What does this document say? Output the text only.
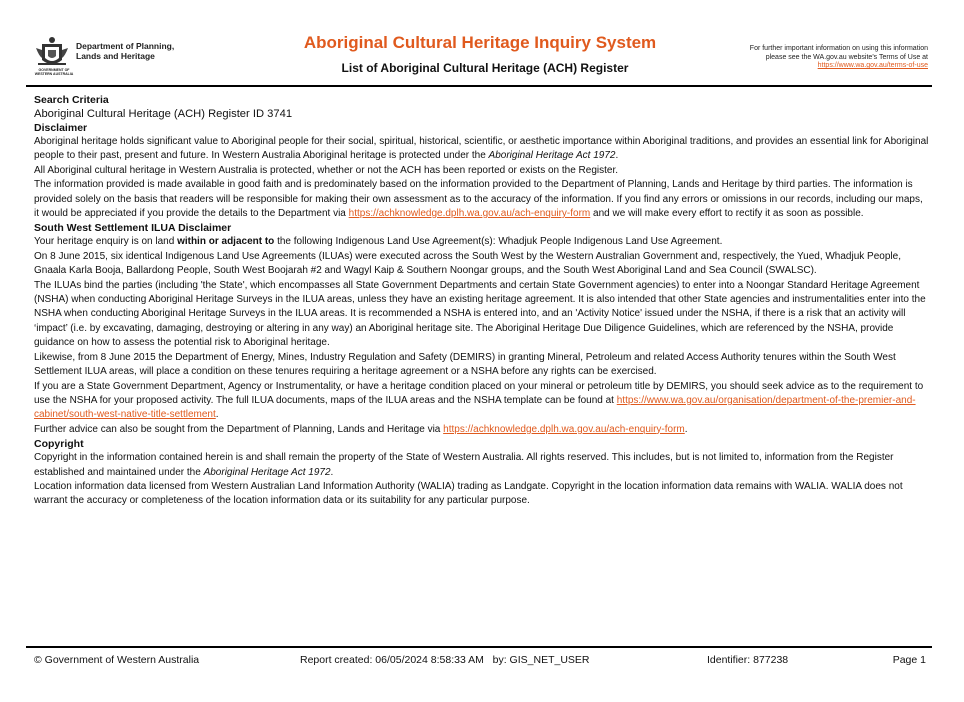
Department of Planning,
Lands and Heritage
GOVERNMENT OF WESTERN AUSTRALIA
Aboriginal Cultural Heritage Inquiry System
List of Aboriginal Cultural Heritage (ACH) Register
For further important information on using this information
please see the WA.gov.au website's Terms of Use at
https://www.wa.gov.au/terms-of-use
Search Criteria

Aboriginal Cultural Heritage (ACH) Register ID 3741

Disclaimer

Aboriginal heritage holds significant value to Aboriginal people for their social, spiritual, historical, scientific, or aesthetic importance within Aboriginal traditions, and provides an essential link for Aboriginal people to their past, present and future. In Western Australia Aboriginal heritage is protected under the Aboriginal Heritage Act 1972.

All Aboriginal cultural heritage in Western Australia is protected, whether or not the ACH has been reported or exists on the Register.

The information provided is made available in good faith and is predominately based on the information provided to the Department of Planning, Lands and Heritage by third parties. The information is provided solely on the basis that readers will be responsible for making their own assessment as to the accuracy of the information. If you find any errors or omissions in our records, including our maps, it would be appreciated if you provide the details to the Department via https://achknowledge.dplh.wa.gov.au/ach-enquiry-form and we will make every effort to rectify it as soon as possible.

South West Settlement ILUA Disclaimer

Your heritage enquiry is on land within or adjacent to the following Indigenous Land Use Agreement(s): Whadjuk People Indigenous Land Use Agreement.

On 8 June 2015, six identical Indigenous Land Use Agreements (ILUAs) were executed across the South West by the Western Australian Government and, respectively, the Yued, Whadjuk People, Gnaala Karla Booja, Ballardong People, South West Boojarah #2 and Wagyl Kaip & Southern Noongar groups, and the South West Aboriginal Land and Sea Council (SWALSC).

The ILUAs bind the parties (including 'the State', which encompasses all State Government Departments and certain State Government agencies) to enter into a Noongar Standard Heritage Agreement (NSHA) when conducting Aboriginal Heritage Surveys in the ILUA areas, unless they have an existing heritage agreement. It is also intended that other State agencies and instrumentalities enter into the NSHA when conducting Aboriginal Heritage Surveys in the ILUA areas. It is recommended a NSHA is entered into, and an 'Activity Notice' issued under the NSHA, if there is a risk that an activity will ‘impact’ (i.e. by excavating, damaging, destroying or altering in any way) an Aboriginal heritage site. The Aboriginal Heritage Due Diligence Guidelines, which are referenced by the NSHA, provide guidance on how to assess the potential risk to Aboriginal heritage.

Likewise, from 8 June 2015 the Department of Energy, Mines, Industry Regulation and Safety (DEMIRS) in granting Mineral, Petroleum and related Access Authority tenures within the South West Settlement ILUA areas, will place a condition on these tenures requiring a heritage agreement or a NSHA before any rights can be exercised.

If you are a State Government Department, Agency or Instrumentality, or have a heritage condition placed on your mineral or petroleum title by DEMIRS, you should seek advice as to the requirement to use the NSHA for your proposed activity. The full ILUA documents, maps of the ILUA areas and the NSHA template can be found at https://www.wa.gov.au/organisation/department-of-the-premier-and-cabinet/south-west-native-title-settlement.

Further advice can also be sought from the Department of Planning, Lands and Heritage via https://achknowledge.dplh.wa.gov.au/ach-enquiry-form.

Copyright

Copyright in the information contained herein is and shall remain the property of the State of Western Australia. All rights reserved. This includes, but is not limited to, information from the Register established and maintained under the Aboriginal Heritage Act 1972.

Location information data licensed from Western Australian Land Information Authority (WALIA) trading as Landgate. Copyright in the location information data remains with WALIA. WALIA does not warrant the accuracy or completeness of the location information data or its suitability for any particular purpose.

© Government of Western Australia	Report created: 06/05/2024 8:58:33 AM   by: GIS_NET_USER	Identifier: 877238	Page 1
